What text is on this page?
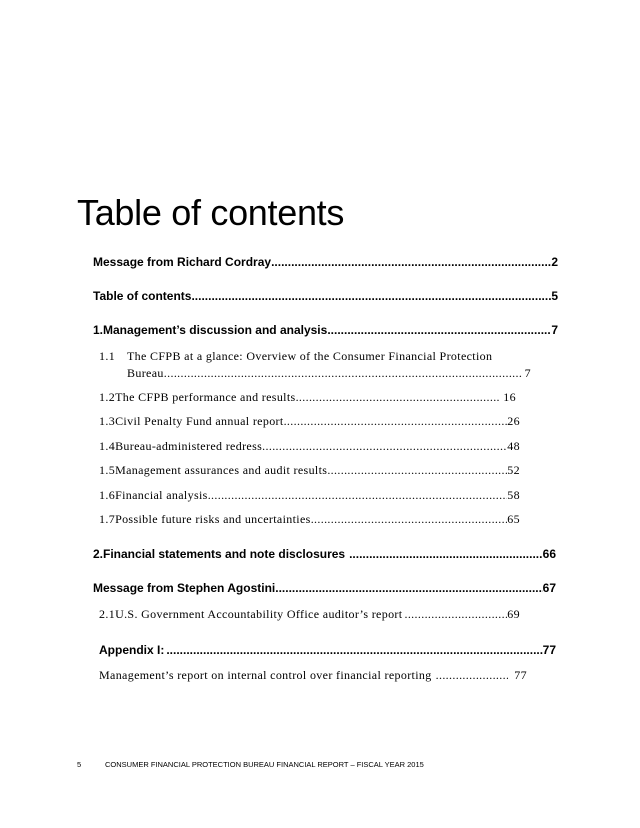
Table of contents
Message from Richard Cordray .....	2
Table of contents .....	5
1. Management’s discussion and analysis .....	7
1.1 The CFPB at a glance: Overview of the Consumer Financial Protection
Bureau .....	7
1.2 The CFPB performance and results .....	16
1.3 Civil Penalty Fund annual report .....	26
1.4 Bureau-administered redress .....	48
1.5 Management assurances and audit results .....	52
1.6 Financial analysis .....	58
1.7 Possible future risks and uncertainties .....	65
2. Financial statements and note disclosures .....	66
Message from Stephen Agostini .....	67
2.1 U.S. Government Accountability Office auditor’s report .....	69
Appendix I: .....	77
Management’s report on internal control over financial reporting .....	77
5	CONSUMER FINANCIAL PROTECTION BUREAU FINANCIAL REPORT – FISCAL YEAR 2015
